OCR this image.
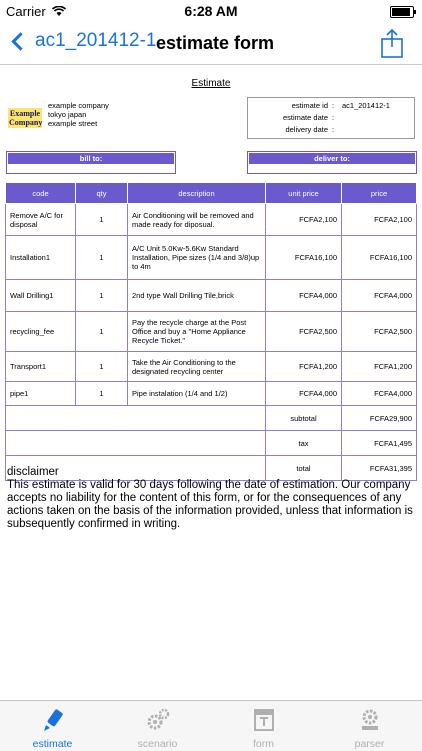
Carrier	6:28 AM
ac1_201412-1 estimate form
Estimate
Example
Company
example company
tokyo japan
example street
estimate id : ac1_201412-1
estimate date :
delivery date :
bill to:	deliver to:
code	qty	description	unit price	price
Remove A/C for disposal	1	Air Conditioning will be removed and made ready for diposual.	FCFA2,100	FCFA2,100
Installation1	1	A/C Unit 5.0Kw-5.6Kw Standard Installation, Pipe sizes (1/4 and 3/8)up to 4m	FCFA16,100	FCFA16,100
Wall Drilling1	1	2nd type Wall Drilling Tile,brick	FCFA4,000	FCFA4,000
recycling_fee	1	Pay the recycle charge at the Post Office and buy a "Home Appliance Recycle Ticket."	FCFA2,500	FCFA2,500
Transport1	1	Take the Air Conditioning to the designated recycling center	FCFA1,200	FCFA1,200
pipe1	1	Pipe instalation (1/4 and 1/2)	FCFA4,000	FCFA4,000
			subtotal	FCFA29,900
			tax	FCFA1,495
			total	FCFA31,395
disclaimer
This estimate is valid for 30 days following the date of estimation. Our company accepts no liability for the content of this form, or for the consequences of any actions taken on the basis of the information provided, unless that information is subsequently confirmed in writing.
estimate	scenario	form	parser
